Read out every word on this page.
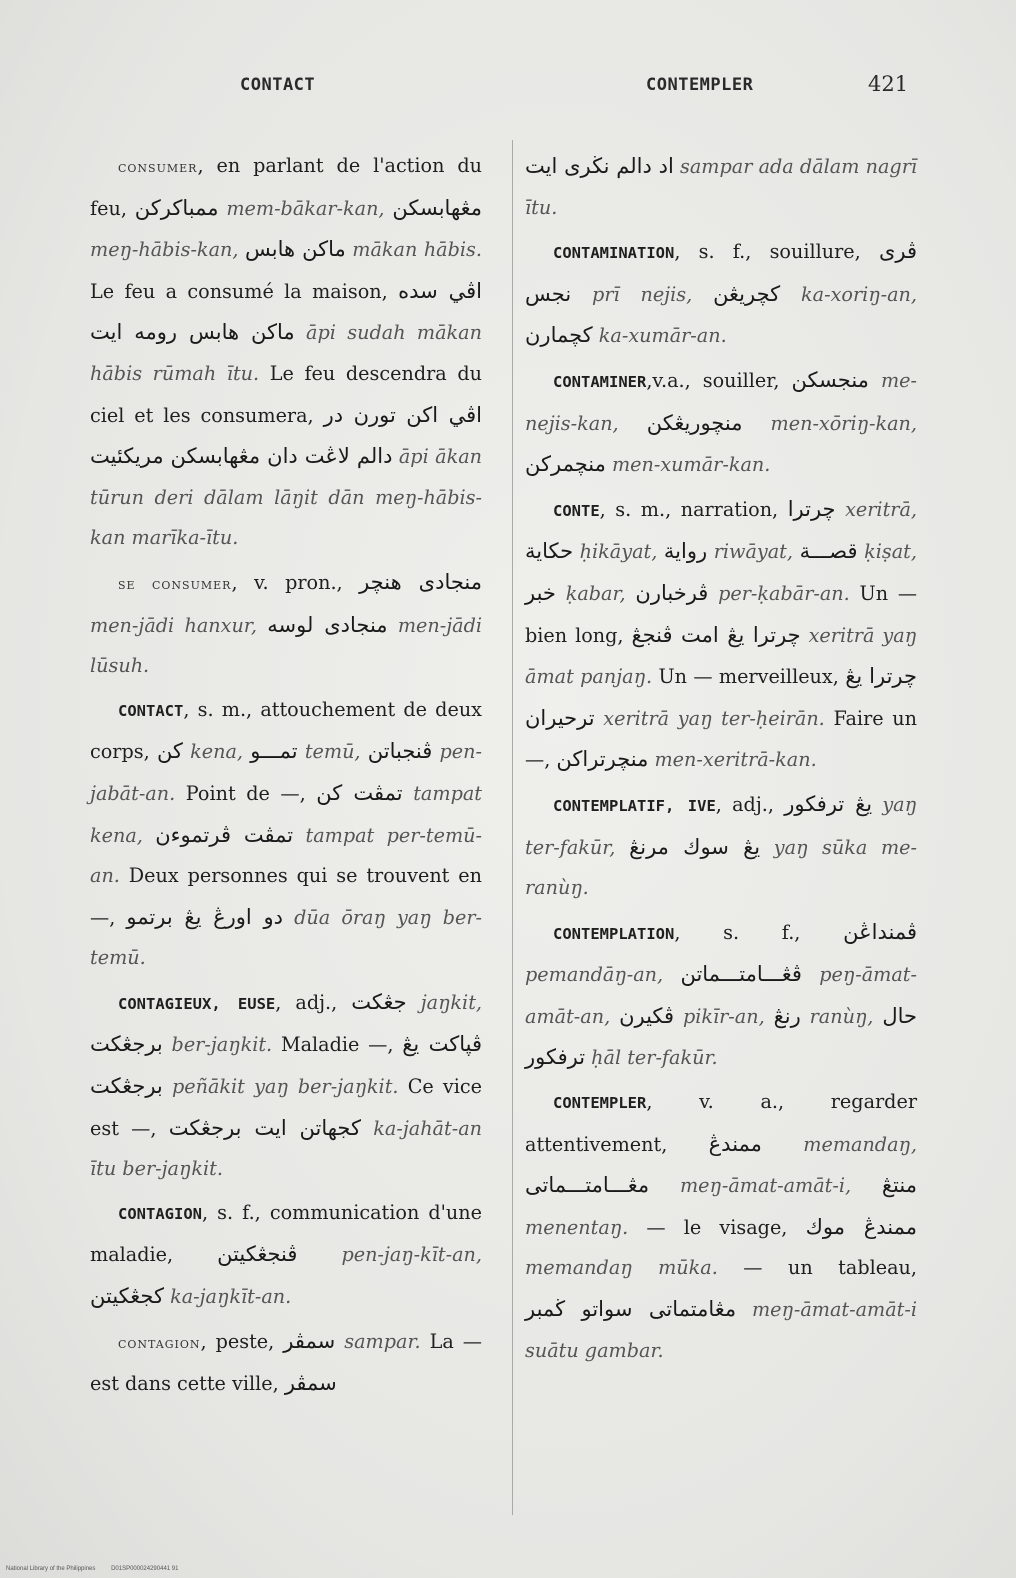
CONTACT	CONTEMPLER	421

consumer, en parlant de l'action du feu, ممباكركن mem-bākar-kan, مڠهابسكن meŋ-hābis-kan, ماكن هابس mākan hābis. Le feu a consumé la maison, اڤي سده ماكن هابس رومه ايت āpi sudah mākan hābis rūmah ītu. Le feu descendra du ciel et les consumera, اڤي اكن تورن در دالم لاڠت دان مڠهابسكن مريكئيت āpi ākan tūrun deri dālam lāŋit dān meŋ-hābis-kan marīka-ītu.

se consumer, v. pron., منجادى هنچر men-jādi hanxur, منجادى لوسه men-jādi lūsuh.

CONTACT, s. m., attouchement de deux corps, كن kena, تمـــو temū, ڤنجباتن pen-jabāt-an. Point de —, تمڤت كن tampat kena, تمڤت ڤرتموءن tampat per-temū-an. Deux personnes qui se trouvent en —, دو اورڠ يڠ برتمو dūa ōraŋ yaŋ ber-temū.

CONTAGIEUX, EUSE, adj., جڠكت jaŋkit, برجڠكت ber-jaŋkit. Maladie —, ڤپاكت يڠ برجڠكت peñākit yaŋ ber-jaŋkit. Ce vice est —, كجهاتن ايت برجڠكت ka-jahāt-an ītu ber-jaŋkit.

CONTAGION, s. f., communication d'une maladie, ڤنجڠكيتن pen-jaŋ-kīt-an, كجڠكيتن ka-jaŋkīt-an.

contagion, peste, سمڤر sampar. La — est dans cette ville, سمڤر

اد دالم نڬرى ايت sampar ada dālam nagrī ītu.

CONTAMINATION, s. f., souillure, ڤرى نجس prī nejis, كچريڠن ka-xoriŋ-an, كچمارن ka-xumār-an.

CONTAMINER,v.a., souiller, منجسكن me-nejis-kan, منچوريڠكن men-xōriŋ-kan, منچمركن men-xumār-kan.

CONTE, s. m., narration, چرترا xeritrā, حكاية ḥikāyat, رواية riwāyat, قصـــة ḳiṣat, خبر ḳabar, ڤرخبارن per-ḳabār-an. Un — bien long, چرترا يڠ امت ڤنجڠ xeritrā yaŋ āmat panjaŋ. Un — merveilleux, چرترا يڠ ترحيران xeritrā yaŋ ter-ḥeirān. Faire un —, منچرتراكن men-xeritrā-kan.

CONTEMPLATIF, IVE, adj., يڠ ترفكور yaŋ ter-fakūr, يڠ سوك مرنڠ yaŋ sūka me-ranùŋ.

CONTEMPLATION, s. f., ڤمنداڠن pemandāŋ-an, ڤڠـــامتـــماتن peŋ-āmat-amāt-an, ڤكيرن pikīr-an, رنڠ ranùŋ, حال ترفكور ḥāl ter-fakūr.

CONTEMPLER, v. a., regarder attentivement, ممندڠ memandaŋ, مڠـــامتـــماتى meŋ-āmat-amāt-i, منتڠ menentaŋ. — le visage, ممندڠ موك memandaŋ mūka. — un tableau, مڠامتماتى سواتو ڬمبر meŋ-āmat-amāt-i suātu gambar.

National Library of the Philippines	D01SP000024290441 91
